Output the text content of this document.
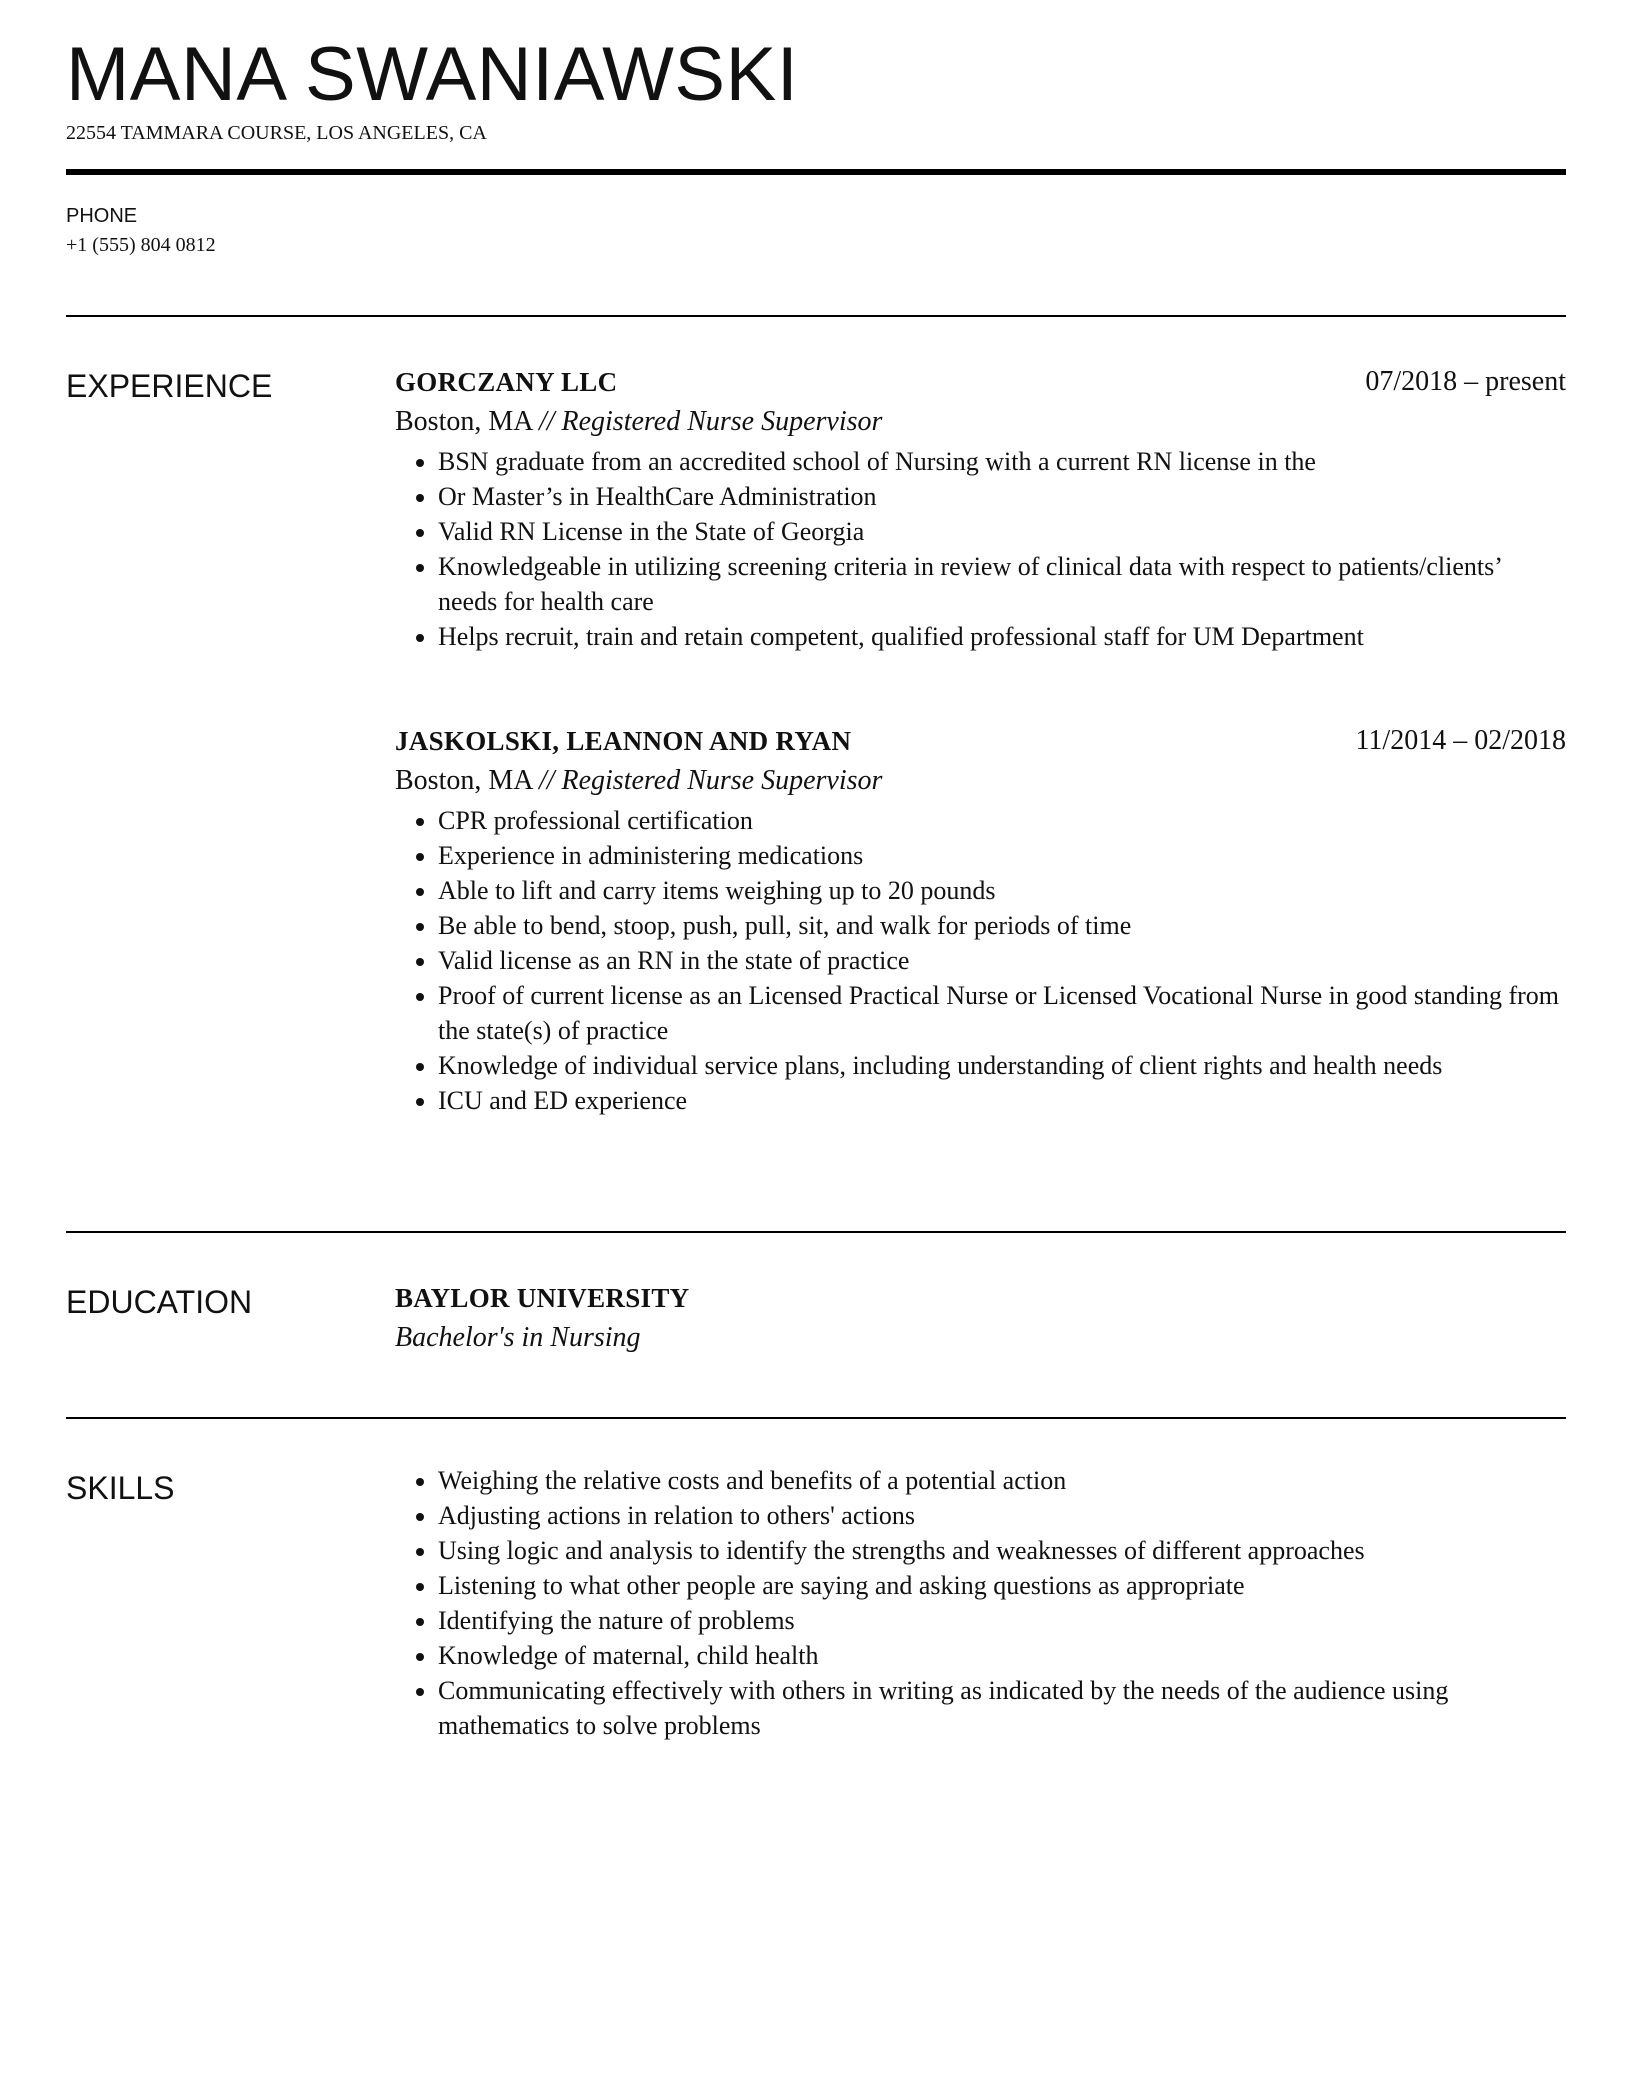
MANA SWANIAWSKI
22554 TAMMARA COURSE, LOS ANGELES, CA
PHONE
+1 (555) 804 0812
EXPERIENCE	GORCZANY LLC	07/2018 – present
Boston, MA // Registered Nurse Supervisor
• BSN graduate from an accredited school of Nursing with a current RN license in the
• Or Master’s in HealthCare Administration
• Valid RN License in the State of Georgia
• Knowledgeable in utilizing screening criteria in review of clinical data with respect to patients/clients’ needs for health care
• Helps recruit, train and retain competent, qualified professional staff for UM Department
JASKOLSKI, LEANNON AND RYAN	11/2014 – 02/2018
Boston, MA // Registered Nurse Supervisor
• CPR professional certification
• Experience in administering medications
• Able to lift and carry items weighing up to 20 pounds
• Be able to bend, stoop, push, pull, sit, and walk for periods of time
• Valid license as an RN in the state of practice
• Proof of current license as an Licensed Practical Nurse or Licensed Vocational Nurse in good standing from the state(s) of practice
• Knowledge of individual service plans, including understanding of client rights and health needs
• ICU and ED experience
EDUCATION	BAYLOR UNIVERSITY
Bachelor's in Nursing
SKILLS
•	Weighing the relative costs and benefits of a potential action
• Adjusting actions in relation to others' actions
• Using logic and analysis to identify the strengths and weaknesses of different approaches
• Listening to what other people are saying and asking questions as appropriate
• Identifying the nature of problems
• Knowledge of maternal, child health
• Communicating effectively with others in writing as indicated by the needs of the audience using mathematics to solve problems
